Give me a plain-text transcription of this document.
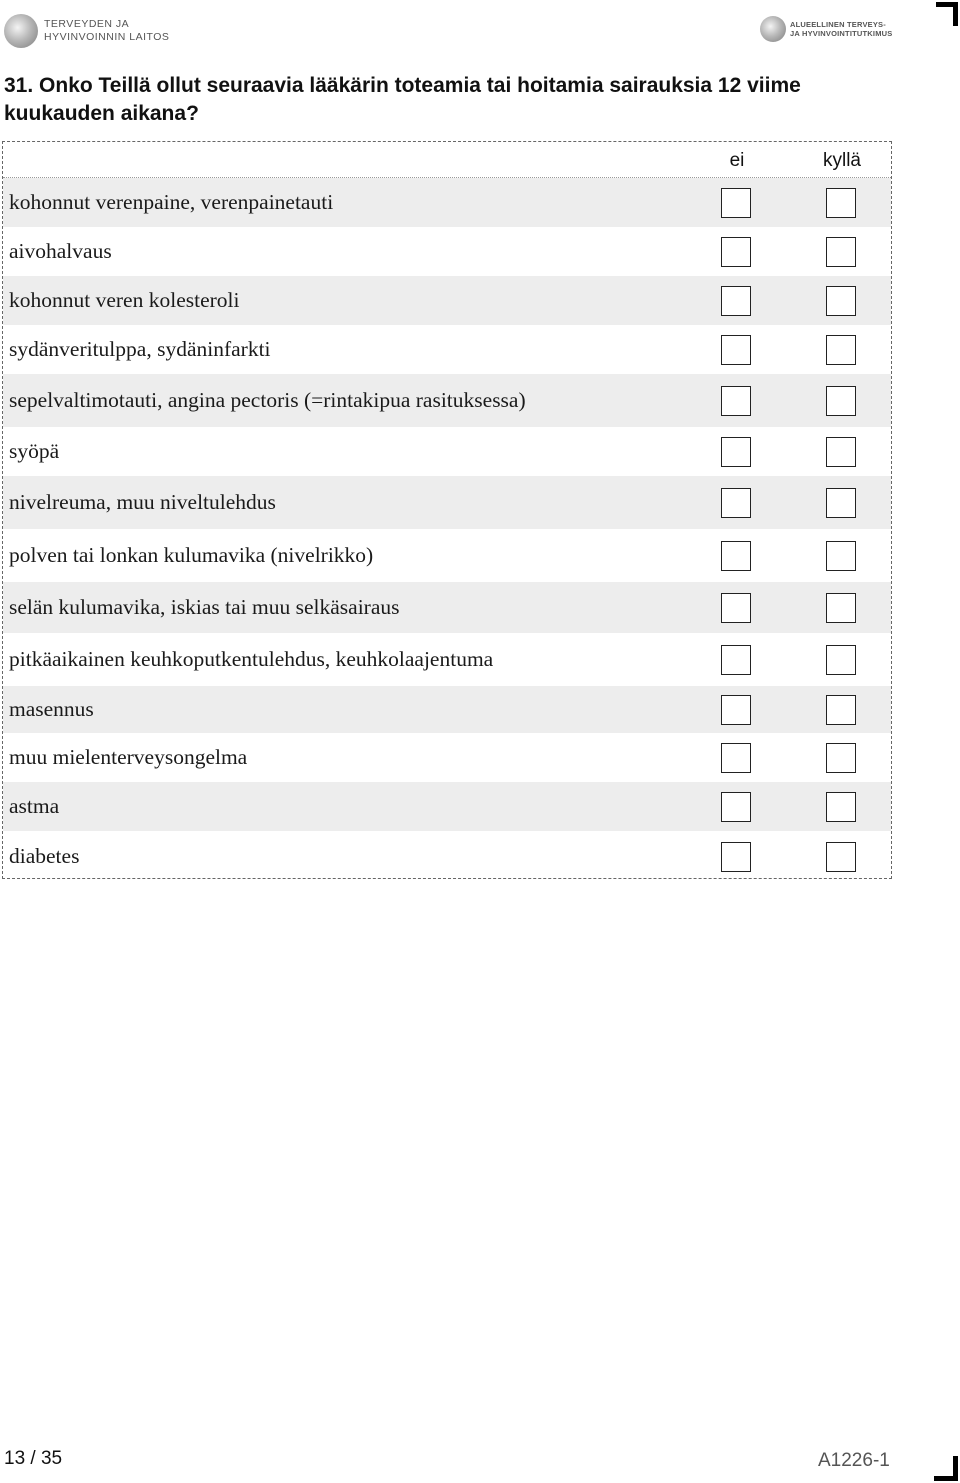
TERVEYDEN JA
HYVINVOINNIN LAITOS
ALUEELLINEN TERVEYS-
JA HYVINVOINTITUTKIMUS
31. Onko Teillä ollut seuraavia lääkärin toteamia tai hoitamia sairauksia 12 viime kuukauden aikana?
ei	kyllä
kohonnut verenpaine, verenpainetauti
aivohalvaus
kohonnut veren kolesteroli
sydänveritulppa, sydäninfarkti
sepelvaltimotauti, angina pectoris (=rintakipua rasituksessa)
syöpä
nivelreuma, muu niveltulehdus
polven tai lonkan kulumavika (nivelrikko)
selän kulumavika, iskias tai muu selkäsairaus
pitkäaikainen keuhkoputkentulehdus, keuhkolaajentuma
masennus
muu mielenterveysongelma
astma
diabetes
13 / 35	A1226-1
